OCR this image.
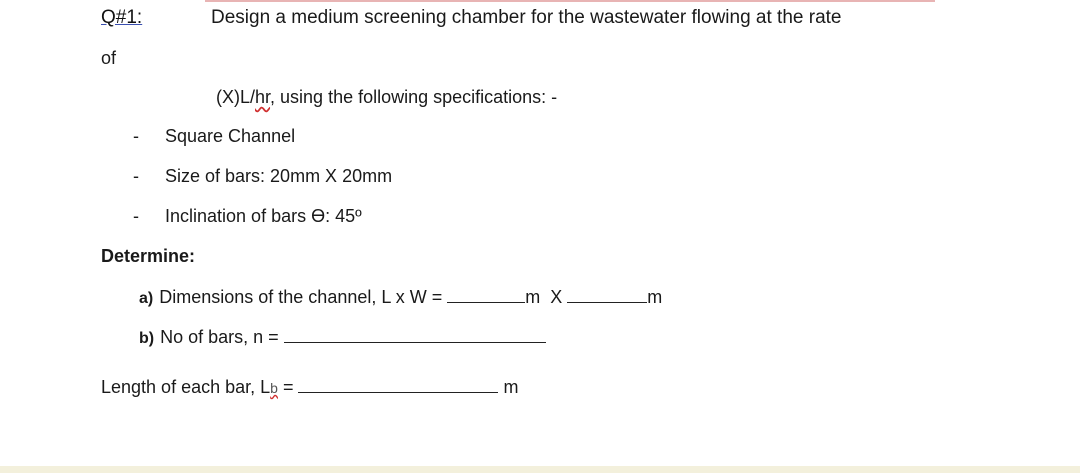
Q#1:	Design a medium screening chamber for the wastewater flowing at the rate
of
(X)L/hr, using the following specifications: -
- Square Channel
- Size of bars: 20mm X 20mm
- Inclination of bars ϴ: 45º
Determine:
a) Dimensions of the channel, L x W =	m  X	m
b) No of bars, n =
Length of each bar, Lb =	m
